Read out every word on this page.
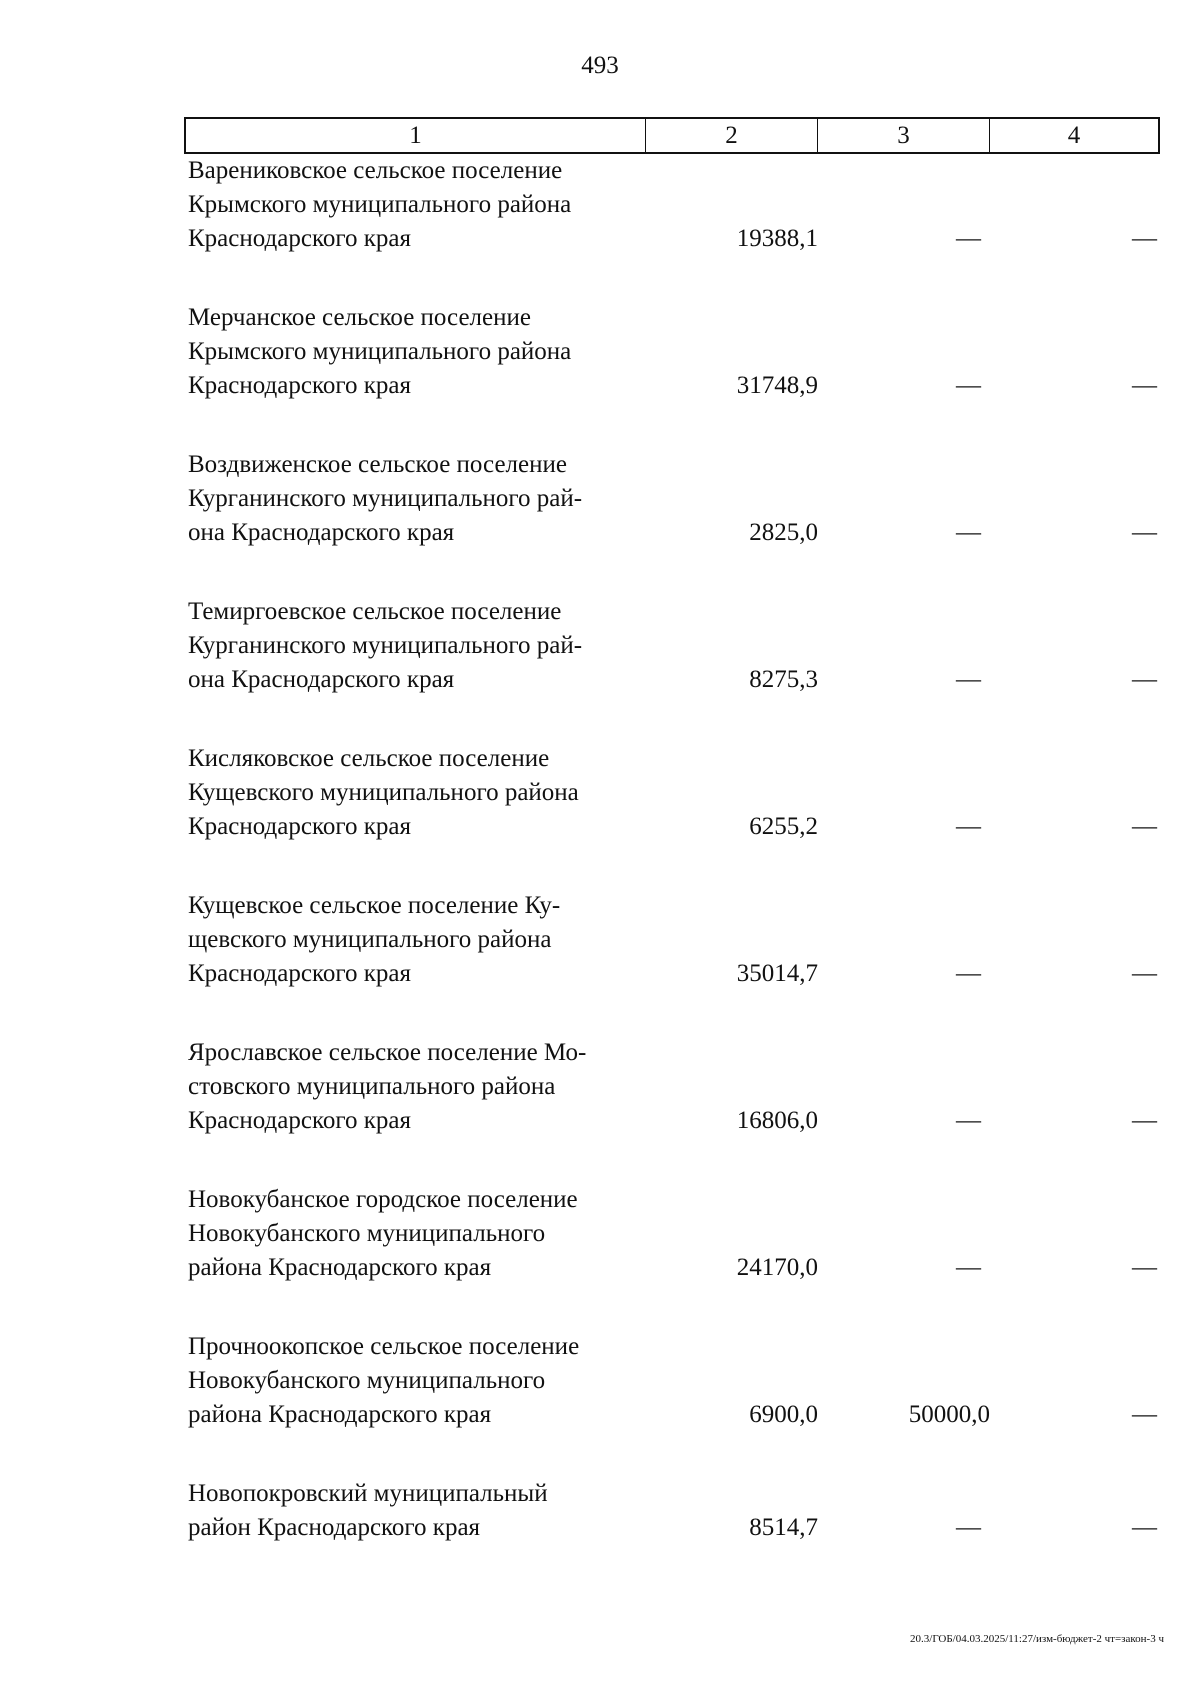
493
1	2	3	4
Варениковское сельское поселение
Крымского муниципального района
Краснодарского края	19388,1	—	—
Мерчанское сельское поселение
Крымского муниципального района
Краснодарского края	31748,9	—	—
Воздвиженское сельское поселение
Курганинского муниципального рай-
она Краснодарского края	2825,0	—	—
Темиргоевское сельское поселение
Курганинского муниципального рай-
она Краснодарского края	8275,3	—	—
Кисляковское сельское поселение
Кущевского муниципального района
Краснодарского края	6255,2	—	—
Кущевское сельское поселение Ку-
щевского муниципального района
Краснодарского края	35014,7	—	—
Ярославское сельское поселение Мо-
стовского муниципального района
Краснодарского края	16806,0	—	—
Новокубанское городское поселение
Новокубанского муниципального
района Краснодарского края	24170,0	—	—
Прочноокопское сельское поселение
Новокубанского муниципального
района Краснодарского края	6900,0	50000,0	—
Новопокровский муниципальный
район Краснодарского края	8514,7	—	—
20.3/ГОБ/04.03.2025/11:27/изм-бюджет-2 чт=закон-3 ч
